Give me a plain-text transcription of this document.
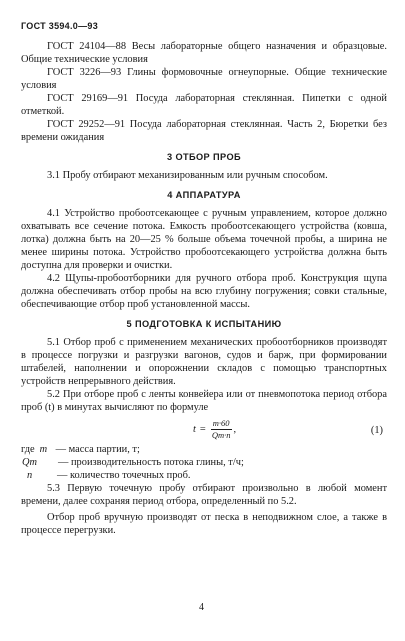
ГОСТ 3594.0—93

ГОСТ 24104—88 Весы лабораторные общего назначения и образцовые. Общие технические условия

ГОСТ 3226—93 Глины формовочные огнеупорные. Общие технические условия

ГОСТ 29169—91 Посуда лабораторная стеклянная. Пипетки с одной отметкой.

ГОСТ 29252—91 Посуда лабораторная стеклянная. Часть 2, Бюретки без времени ожидания

3 ОТБОР ПРОБ

3.1 Пробу отбирают механизированным или ручным способом.

4 АППАРАТУРА

4.1 Устройство пробоотсекающее с ручным управлением, которое должно охватывать все сечение потока. Емкость пробоотсекающего устройства (ковша, лотка) должна быть на 20—25 % больше объема точечной пробы, а ширина не менее ширины потока. Устройство пробоотсекающего устройства должна быть доступна для проверки и очистки.

4.2 Щупы-пробоотборники для ручного отбора проб. Конструкция щупа должна обеспечивать отбор пробы на всю глубину погружения; совки стальные, обеспечивающие отбор проб установленной массы.

5 ПОДГОТОВКА К ИСПЫТАНИЮ

5.1 Отбор проб с применением механических пробоотборников производят в процессе погрузки и разгрузки вагонов, судов и барж, при формировании штабелей, наполнении и опорожнении складов с помощью транспортных устройств непрерывного действия.

5.2 При отборе проб с ленты конвейера или от пневмопотока период отбора проб (t) в минутах вычисляют по формуле

$t = \frac{m\cdot 60}{Qm\cdot n}$ ,	(1)
где m — масса партии, т;
Qm	— производительность потока глины, т/ч;
n	— количество точечных проб.

5.3 Первую точечную пробу отбирают произвольно в любой момент времени, далее сохраняя период отбора, определенный по 5.2.

Отбор проб вручную производят от песка в неподвижном слое, а также в процессе перегрузки.

4
